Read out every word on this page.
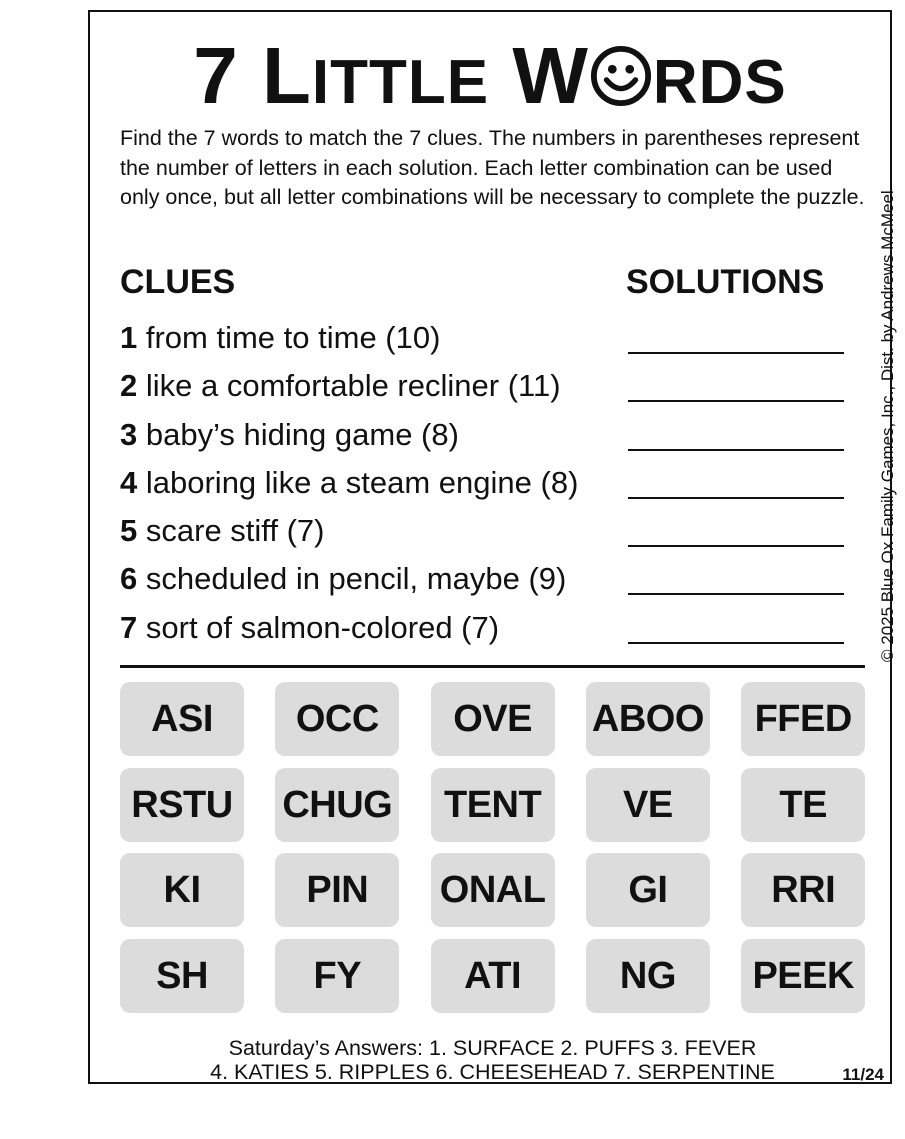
7 LITTLE W RDS
Find the 7 words to match the 7 clues. The numbers in parentheses represent the number of letters in each solution. Each letter combination can be used only once, but all letter combinations will be necessary to complete the puzzle. © 2025 Blue Ox Family Games, Inc., Dist. by Andrews McMeel
CLUES	SOLUTIONS
1 from time to time (10)
2 like a comfortable recliner (11)
3 baby’s hiding game (8)
4 laboring like a steam engine (8)
5 scare stiff (7)
6 scheduled in pencil, maybe (9)
7 sort of salmon-colored (7)
ASI	OCC	OVE	ABOO	FFED
RSTU CHUG	TENT	VE	TE
KI	PIN	ONAL	GI	RRI
SH	FY	ATI	NG	PEEK
Saturday’s Answers: 1. SURFACE 2. PUFFS 3. FEVER
4. KATIES 5. RIPPLES 6. CHEESEHEAD 7. SERPENTINE	11/24
